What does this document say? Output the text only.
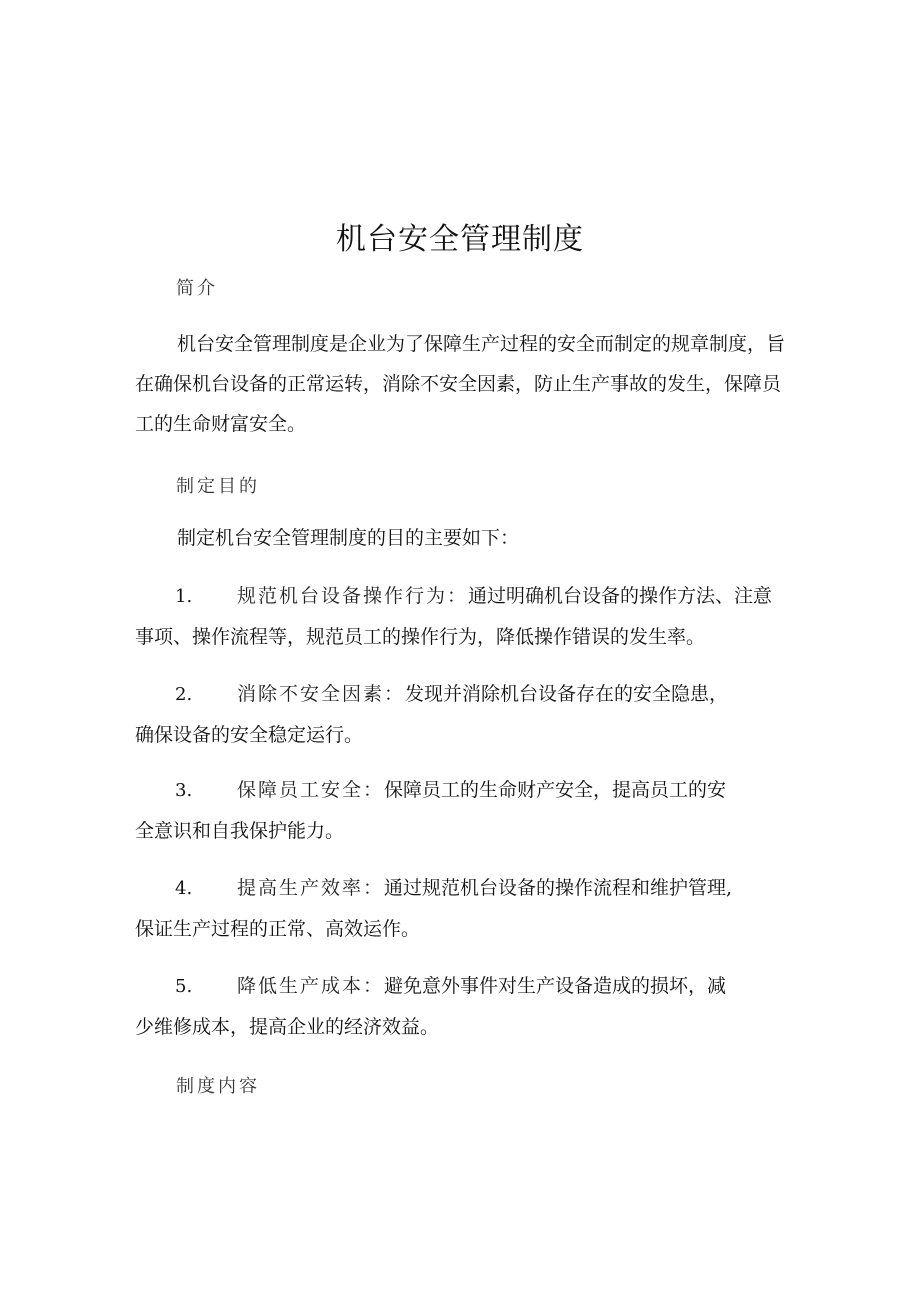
机台安全管理制度
简介

机台安全管理制度是企业为了保障生产过程的安全而制定的规章制度，旨在确保机台设备的正常运转，消除不安全因素，防止生产事故的发生，保障员工的生命财富安全。

制定目的

制定机台安全管理制度的目的主要如下：

1. 规范机台设备操作行为：通过明确机台设备的操作方法、注意
事项、操作流程等，规范员工的操作行为，降低操作错误的发生率。
2. 消除不安全因素：发现并消除机台设备存在的安全隐患，
确保设备的安全稳定运行。
3. 保障员工安全：保障员工的生命财产安全，提高员工的安
全意识和自我保护能力。
4. 提高生产效率：通过规范机台设备的操作流程和维护管理,
保证生产过程的正常、高效运作。
5. 降低生产成本：避免意外事件对生产设备造成的损坏，减
少维修成本，提高企业的经济效益。
制度内容
